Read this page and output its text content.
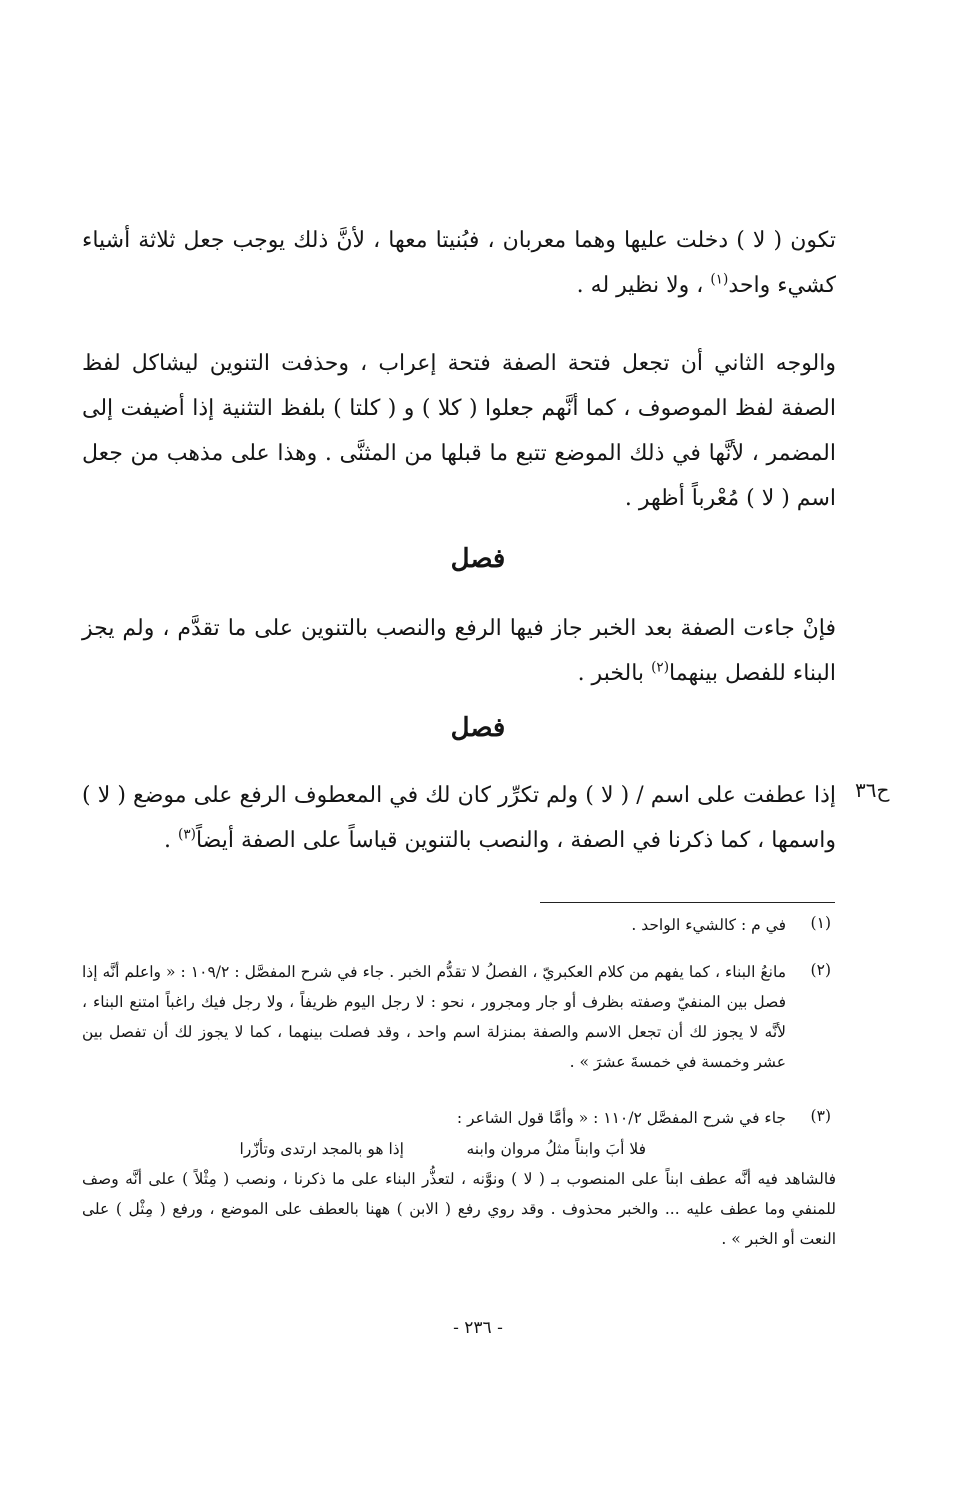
تكون ( لا ) دخلت عليها وهما معربان ، فبُنيتا معها ، لأنَّ ذلك يوجب جعل ثلاثة أشياء كشيء واحد$^{(١)}$ ، ولا نظير له .
والوجه الثاني أن تجعل فتحة الصفة فتحة إعراب ، وحذفت التنوين ليشاكل لفظ الصفة لفظ الموصوف ، كما أنَّهم جعلوا ( كلا ) و ( كلتا ) بلفظ التثنية إذا أضيفت إلى المضمر ، لأنَّها في ذلك الموضع تتبع ما قبلها من المثنَّى . وهذا على مذهب من جعل اسم ( لا ) مُعْرباً أظهر .
فصل
فإنْ جاءت الصفة بعد الخبر جاز فيها الرفع والنصب بالتنوين على ما تقدَّم ، ولم يجز البناء للفصل بينهما$^{(٢)}$ بالخبر .
فصل
ح٣٦
إذا عطفت على اسم / ( لا ) ولم تكرِّر كان لك في المعطوف الرفع على موضع ( لا ) واسمها ، كما ذكرنا في الصفة ، والنصب بالتنوين قياساً على الصفة أيضاً$^{(٣)}$ .
(١)
في م : كالشيء الواحد .
(٢)
مانعُ البناء ، كما يفهم من كلام العكبريّ ، الفصلُ لا تقدُّم الخبر . جاء في شرح المفصَّل : ١٠٩/٢ : « واعلم أنَّه إذا فصل بين المنفيّ وصفته بظرف أو جار ومجرور ، نحو : لا رجل اليوم ظريفاً ، ولا رجل فيك راغباً امتنع البناء ، لأنَّه لا يجوز لك أن تجعل الاسم والصفة بمنزلة اسم واحد ، وقد فصلت بينهما ، كما لا يجوز لك أن تفصل بين عشر وخمسة في خمسةَ عشرَ » .
(٣)
جاء في شرح المفصَّل ١١٠/٢ : « وأمَّا قول الشاعر :
فلا أبَ وابناً مثلُ مروان وابنه
إذا هو بالمجد ارتدى وتأزّرا
فالشاهد فيه أنَّه عطف ابناً على المنصوب بـ ( لا ) ونوَّنه ، لتعذُّر البناء على ما ذكرنا ، ونصب ( مِثْلاً ) على أنَّه وصف للمنفي وما عطف عليه ... والخبر محذوف . وقد روي رفع ( الابن ) ههنا بالعطف على الموضع ، ورفع ( مِثْل ) على النعت أو الخبر » .
- ٢٣٦ -
